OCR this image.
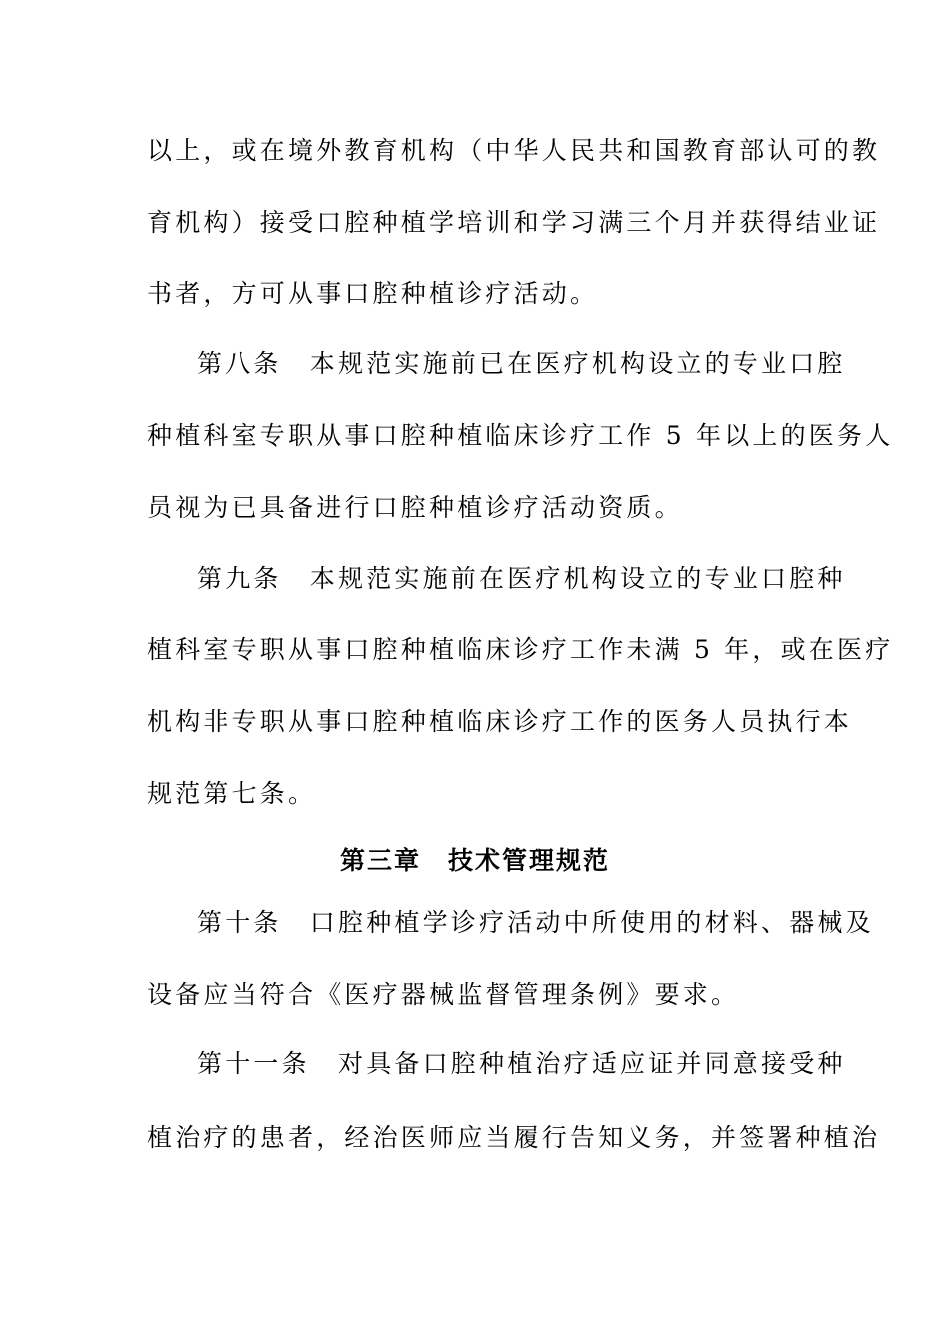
以上，或在境外教育机构（中华人民共和国教育部认可的教
育机构）接受口腔种植学培训和学习满三个月并获得结业证
书者，方可从事口腔种植诊疗活动。
第八条　本规范实施前已在医疗机构设立的专业口腔
种植科室专职从事口腔种植临床诊疗工作 5 年以上的医务人
员视为已具备进行口腔种植诊疗活动资质。
第九条　本规范实施前在医疗机构设立的专业口腔种
植科室专职从事口腔种植临床诊疗工作未满 5 年，或在医疗
机构非专职从事口腔种植临床诊疗工作的医务人员执行本
规范第七条。
第三章　技术管理规范
第十条　口腔种植学诊疗活动中所使用的材料、器械及
设备应当符合《医疗器械监督管理条例》要求。
第十一条　对具备口腔种植治疗适应证并同意接受种
植治疗的患者，经治医师应当履行告知义务，并签署种植治
